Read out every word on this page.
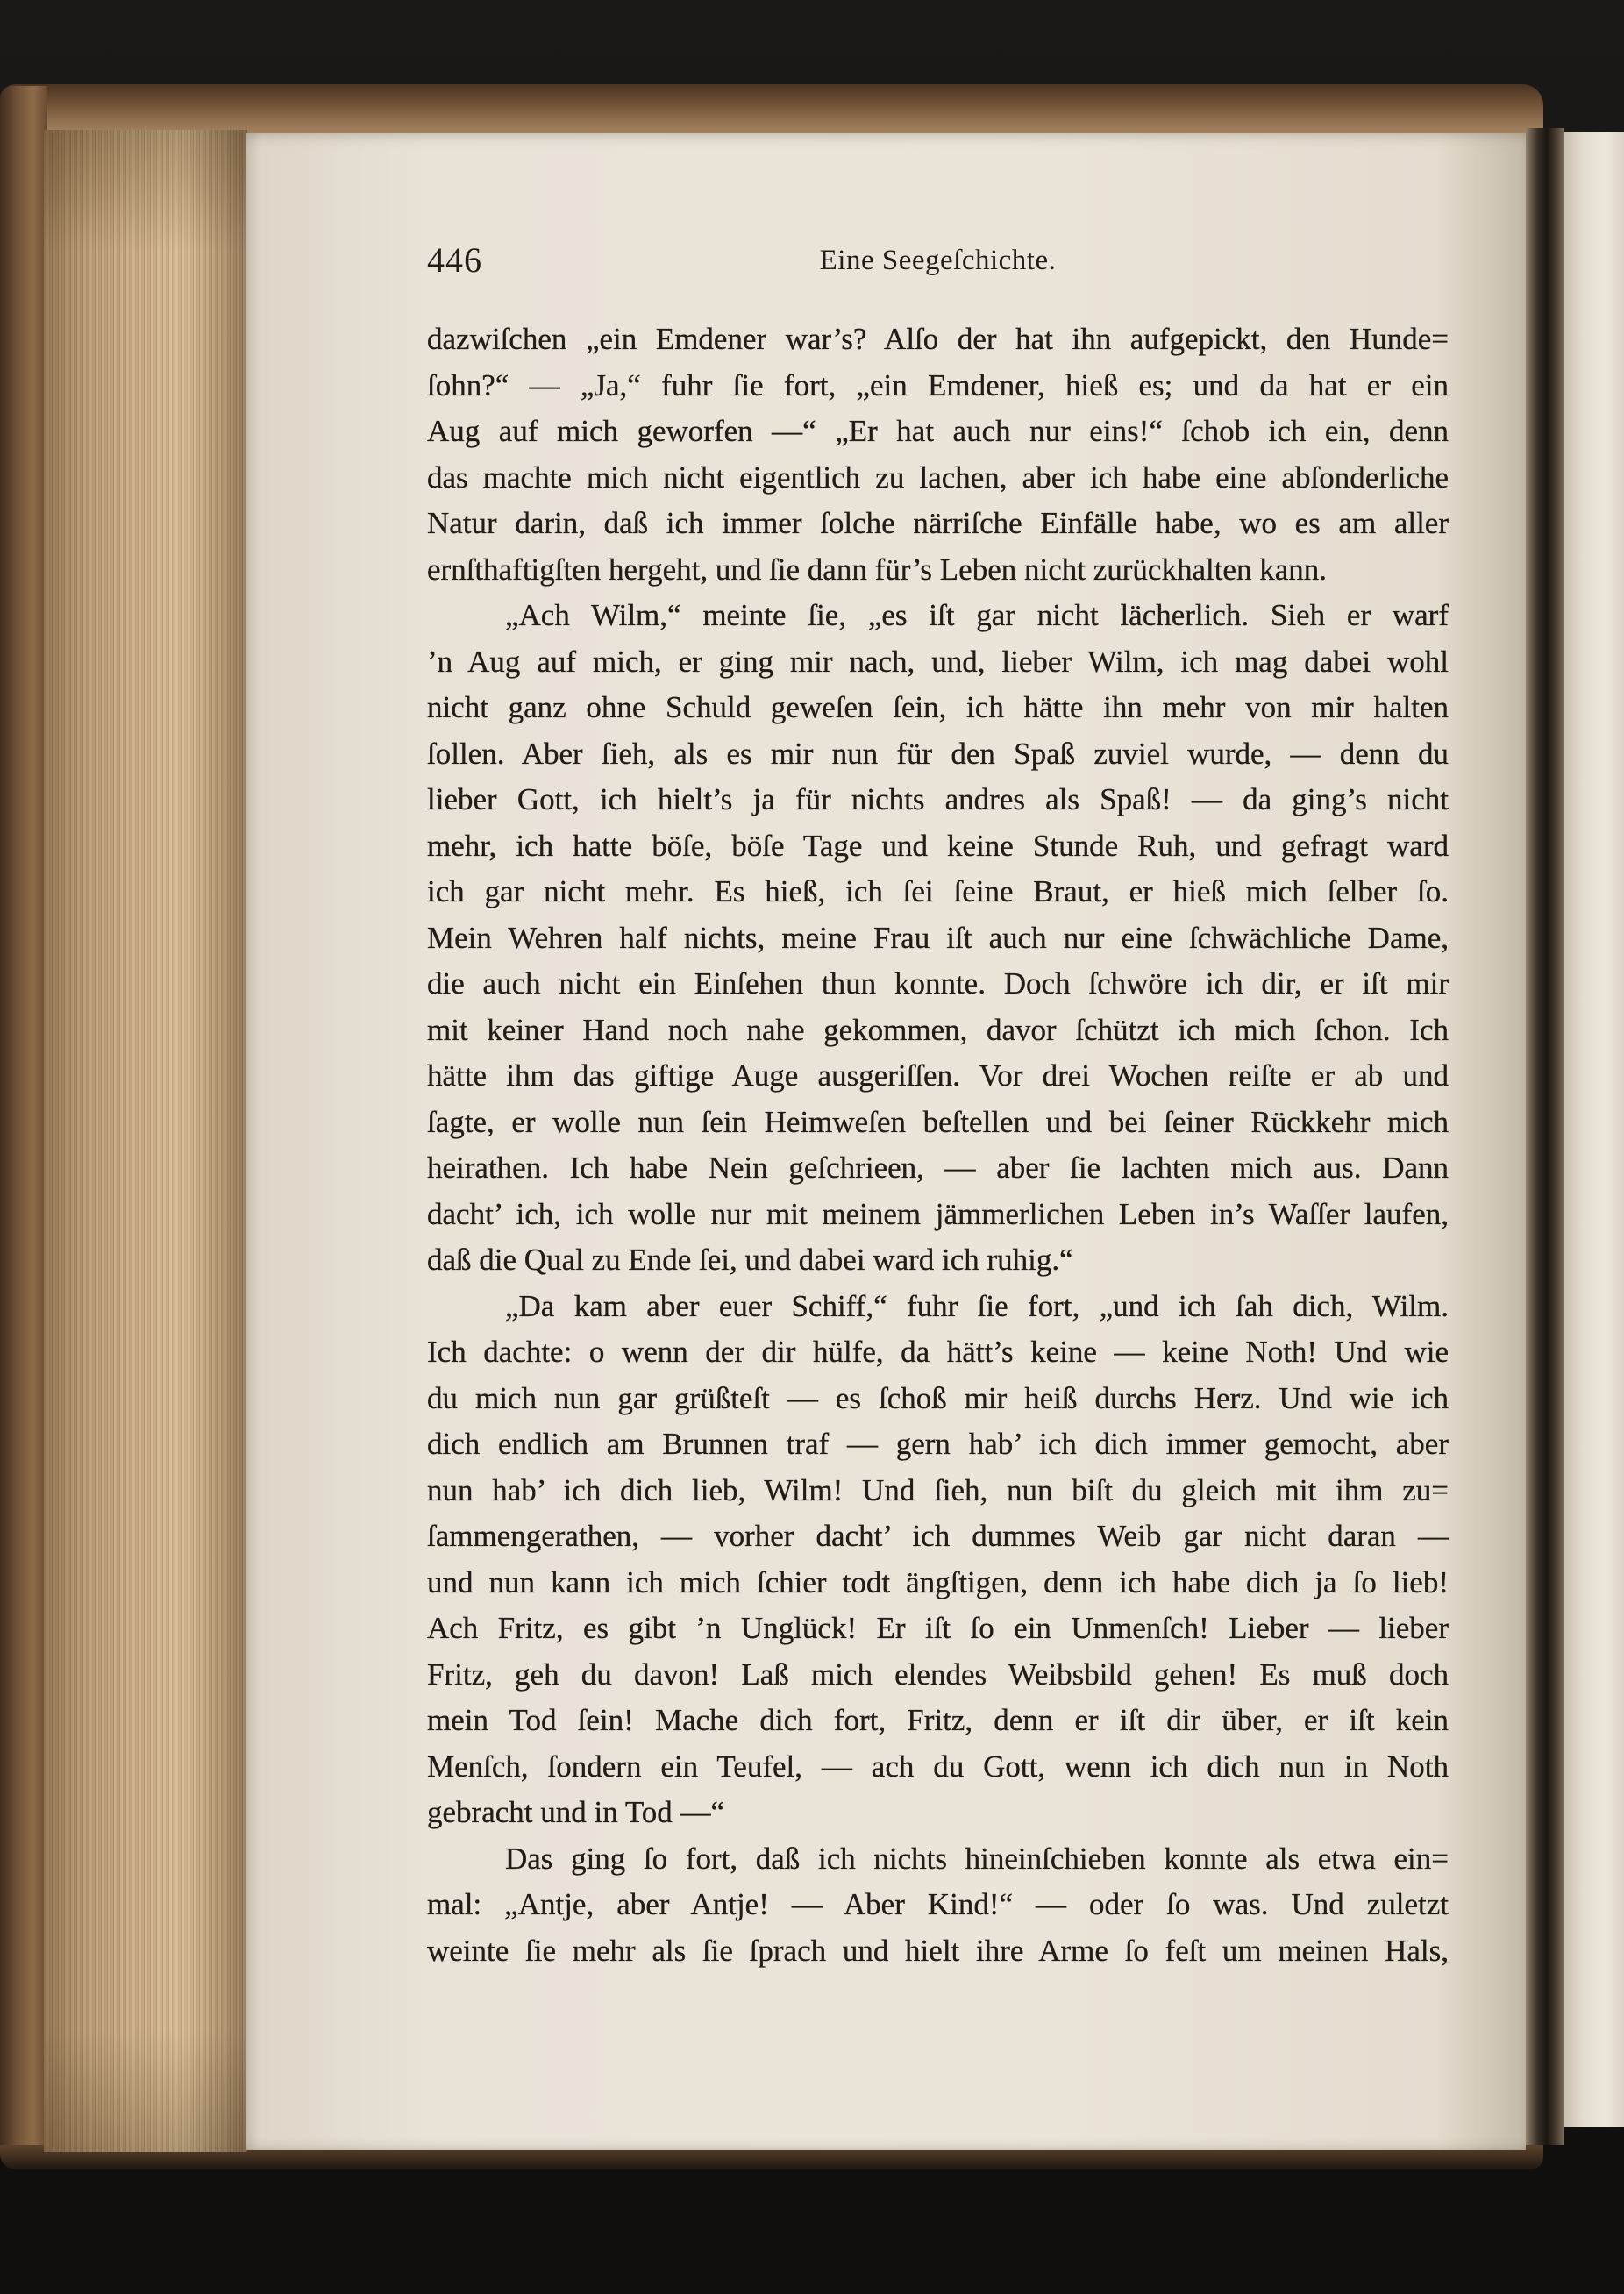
446	Eine Seegeſchichte.
dazwiſchen „ein Emdener war’s? Alſo der hat ihn aufgepickt, den Hunde=
ſohn?“ — „Ja,“ fuhr ſie fort, „ein Emdener, hieß es; und da hat er ein
Aug auf mich geworfen —“ „Er hat auch nur eins!“ ſchob ich ein, denn
das machte mich nicht eigentlich zu lachen, aber ich habe eine abſonderliche
Natur darin, daß ich immer ſolche närriſche Einfälle habe, wo es am aller
ernſthaftigſten hergeht, und ſie dann für’s Leben nicht zurückhalten kann.
„Ach Wilm,“ meinte ſie, „es iſt gar nicht lächerlich. Sieh er warf
’n Aug auf mich, er ging mir nach, und, lieber Wilm, ich mag dabei wohl
nicht ganz ohne Schuld geweſen ſein, ich hätte ihn mehr von mir halten
ſollen. Aber ſieh, als es mir nun für den Spaß zuviel wurde, — denn du
lieber Gott, ich hielt’s ja für nichts andres als Spaß! — da ging’s nicht
mehr, ich hatte böſe, böſe Tage und keine Stunde Ruh, und gefragt ward
ich gar nicht mehr. Es hieß, ich ſei ſeine Braut, er hieß mich ſelber ſo.
Mein Wehren half nichts, meine Frau iſt auch nur eine ſchwächliche Dame,
die auch nicht ein Einſehen thun konnte. Doch ſchwöre ich dir, er iſt mir
mit keiner Hand noch nahe gekommen, davor ſchützt ich mich ſchon. Ich
hätte ihm das giftige Auge ausgeriſſen. Vor drei Wochen reiſte er ab und
ſagte, er wolle nun ſein Heimweſen beſtellen und bei ſeiner Rückkehr mich
heirathen. Ich habe Nein geſchrieen, — aber ſie lachten mich aus. Dann
dacht’ ich, ich wolle nur mit meinem jämmerlichen Leben in’s Waſſer laufen,
daß die Qual zu Ende ſei, und dabei ward ich ruhig.“
„Da kam aber euer Schiff,“ fuhr ſie fort, „und ich ſah dich, Wilm.
Ich dachte: o wenn der dir hülfe, da hätt’s keine — keine Noth! Und wie
du mich nun gar grüßteſt — es ſchoß mir heiß durchs Herz. Und wie ich
dich endlich am Brunnen traf — gern hab’ ich dich immer gemocht, aber
nun hab’ ich dich lieb, Wilm! Und ſieh, nun biſt du gleich mit ihm zu=
ſammengerathen, — vorher dacht’ ich dummes Weib gar nicht daran —
und nun kann ich mich ſchier todt ängſtigen, denn ich habe dich ja ſo lieb!
Ach Fritz, es gibt ’n Unglück! Er iſt ſo ein Unmenſch! Lieber — lieber
Fritz, geh du davon! Laß mich elendes Weibsbild gehen! Es muß doch
mein Tod ſein! Mache dich fort, Fritz, denn er iſt dir über, er iſt kein
Menſch, ſondern ein Teufel, — ach du Gott, wenn ich dich nun in Noth
gebracht und in Tod —“
Das ging ſo fort, daß ich nichts hineinſchieben konnte als etwa ein=
mal: „Antje, aber Antje! — Aber Kind!“ — oder ſo was. Und zuletzt
weinte ſie mehr als ſie ſprach und hielt ihre Arme ſo feſt um meinen Hals,
